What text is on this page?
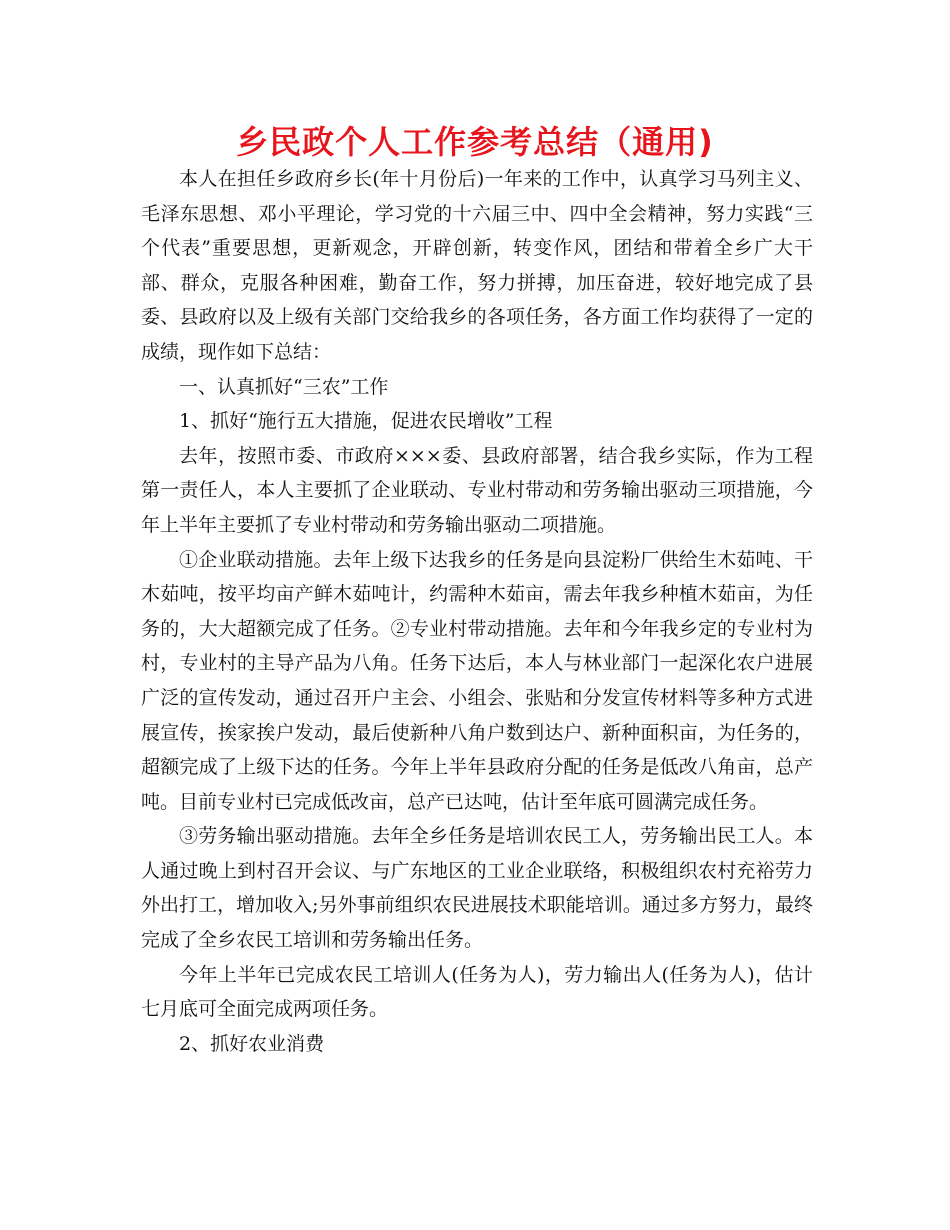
乡民政个人工作参考总结（通用)

本人在担任乡政府乡长(年十月份后)一年来的工作中，认真学习马列主义、毛泽东思想、邓小平理论，学习党的十六届三中、四中全会精神，努力实践“三个代表”重要思想，更新观念，开辟创新，转变作风，团结和带着全乡广大干部、群众，克服各种困难，勤奋工作，努力拼搏，加压奋进，较好地完成了县委、县政府以及上级有关部门交给我乡的各项任务，各方面工作均获得了一定的成绩，现作如下总结：

一、认真抓好“三农”工作

1、抓好“施行五大措施，促进农民增收”工程

去年，按照市委、市政府×××委、县政府部署，结合我乡实际，作为工程第一责任人，本人主要抓了企业联动、专业村带动和劳务输出驱动三项措施，今年上半年主要抓了专业村带动和劳务输出驱动二项措施。

①企业联动措施。去年上级下达我乡的任务是向县淀粉厂供给生木茹吨、干木茹吨，按平均亩产鲜木茹吨计，约需种木茹亩，需去年我乡种植木茹亩，为任务的，大大超额完成了任务。②专业村带动措施。去年和今年我乡定的专业村为村，专业村的主导产品为八角。任务下达后，本人与林业部门一起深化农户进展广泛的宣传发动，通过召开户主会、小组会、张贴和分发宣传材料等多种方式进展宣传，挨家挨户发动，最后使新种八角户数到达户、新种面积亩，为任务的，超额完成了上级下达的任务。今年上半年县政府分配的任务是低改八角亩，总产吨。目前专业村已完成低改亩，总产已达吨，估计至年底可圆满完成任务。

③劳务输出驱动措施。去年全乡任务是培训农民工人，劳务输出民工人。本人通过晚上到村召开会议、与广东地区的工业企业联络，积极组织农村充裕劳力外出打工，增加收入;另外事前组织农民进展技术职能培训。通过多方努力，最终完成了全乡农民工培训和劳务输出任务。

今年上半年已完成农民工培训人(任务为人)，劳力输出人(任务为人)，估计七月底可全面完成两项任务。

2、抓好农业消费
